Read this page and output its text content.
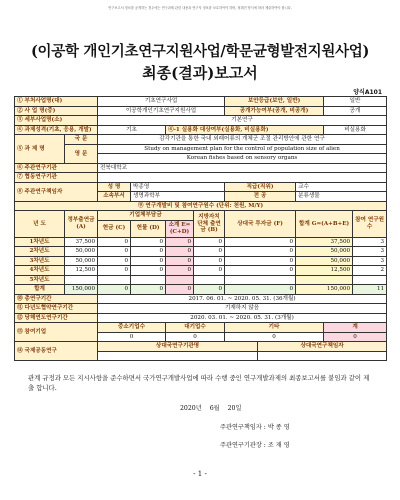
연구보고서 정보를 공개하는 경우에는 연구과제 관련 내용과 연구자 정보를 보호하여야 하며, 정해진 양식에 따라 제출하여야 합니다.
(이공학 개인기초연구지원사업/학문균형발전지원사업)
최종(결과)보고서
양식A101
① 부처사업명(대)		기초연구사업				보안등급(보안, 일반)			일반	
② 사 업 명(중)		이공학개인기초연구지원사업				공개가능여부(공개, 비공개)			공개	
③ 세부사업명(소)		기본연구								
④ 과제성격(기초, 응용, 개발)		기초		④-1 실용화 대상여부(실용화, 비실용화)					비실용화	
⑤ 과 제 명	국 문	감각기관을 통한 국내 외래어류의 개체군 조절 관리방안에 관한 연구								
	영 문	Study on management plan for the control of population size of alien								
		Korean fishes based on sensory organs								
⑥ 주관연구기관		전북대학교								
⑦ 협동연구기관										
⑧ 주관연구책임자		성 명	박종영			직급(직위)		교수		
		소속부서	생명과학부			전 공		분류생물		
⑨ 연구개발비 및 참여연구원수 (단위: 천원, M/Y)										
년 도	정부출연금 (A)	기업체부담금			지방자치 단체 출연금 (B)	상대국 투자금 (F)		합계 G=(A+B+E)		참여 연구원수
		현금 (C)	현물 (D)	소계 E=(C+D)						
1차년도	37,500	0	0	0	0	0		37,500		3
2차년도	50,000	0	0	0	0	0		50,000		3
3차년도	50,000	0	0	0	0	0		50,000		3
4차년도	12,500	0	0	0	0	0		12,500		2
5차년도										
합계	150,000	0	0	0	0	0		150,000		11
⑩ 총연구기간		2017. 06. 01. ~ 2020. 05. 31. (36개월)								
⑪ 다년도협약연구기간		기재하지 않음								
⑫ 당해연도연구기간		2020. 03. 01. ~ 2020. 05. 31. (3개월)								
⑬ 참여기업		중소기업수		대기업수		기타			계	
		0		0		0			0	
⑭ 국제공동연구		상대국연구기관명					상대국연구책임자			

관계 규정과 모든 지시사항을 준수하면서 국가연구개발사업에 따라 수행 중인 연구개발과제의 최종보고서를 붙임과 같이 제출 합니다.
2020년 6월 20일
주관연구책임자 : 박 종 영
주관연구기관장 : 조 재 영
- 1 -
